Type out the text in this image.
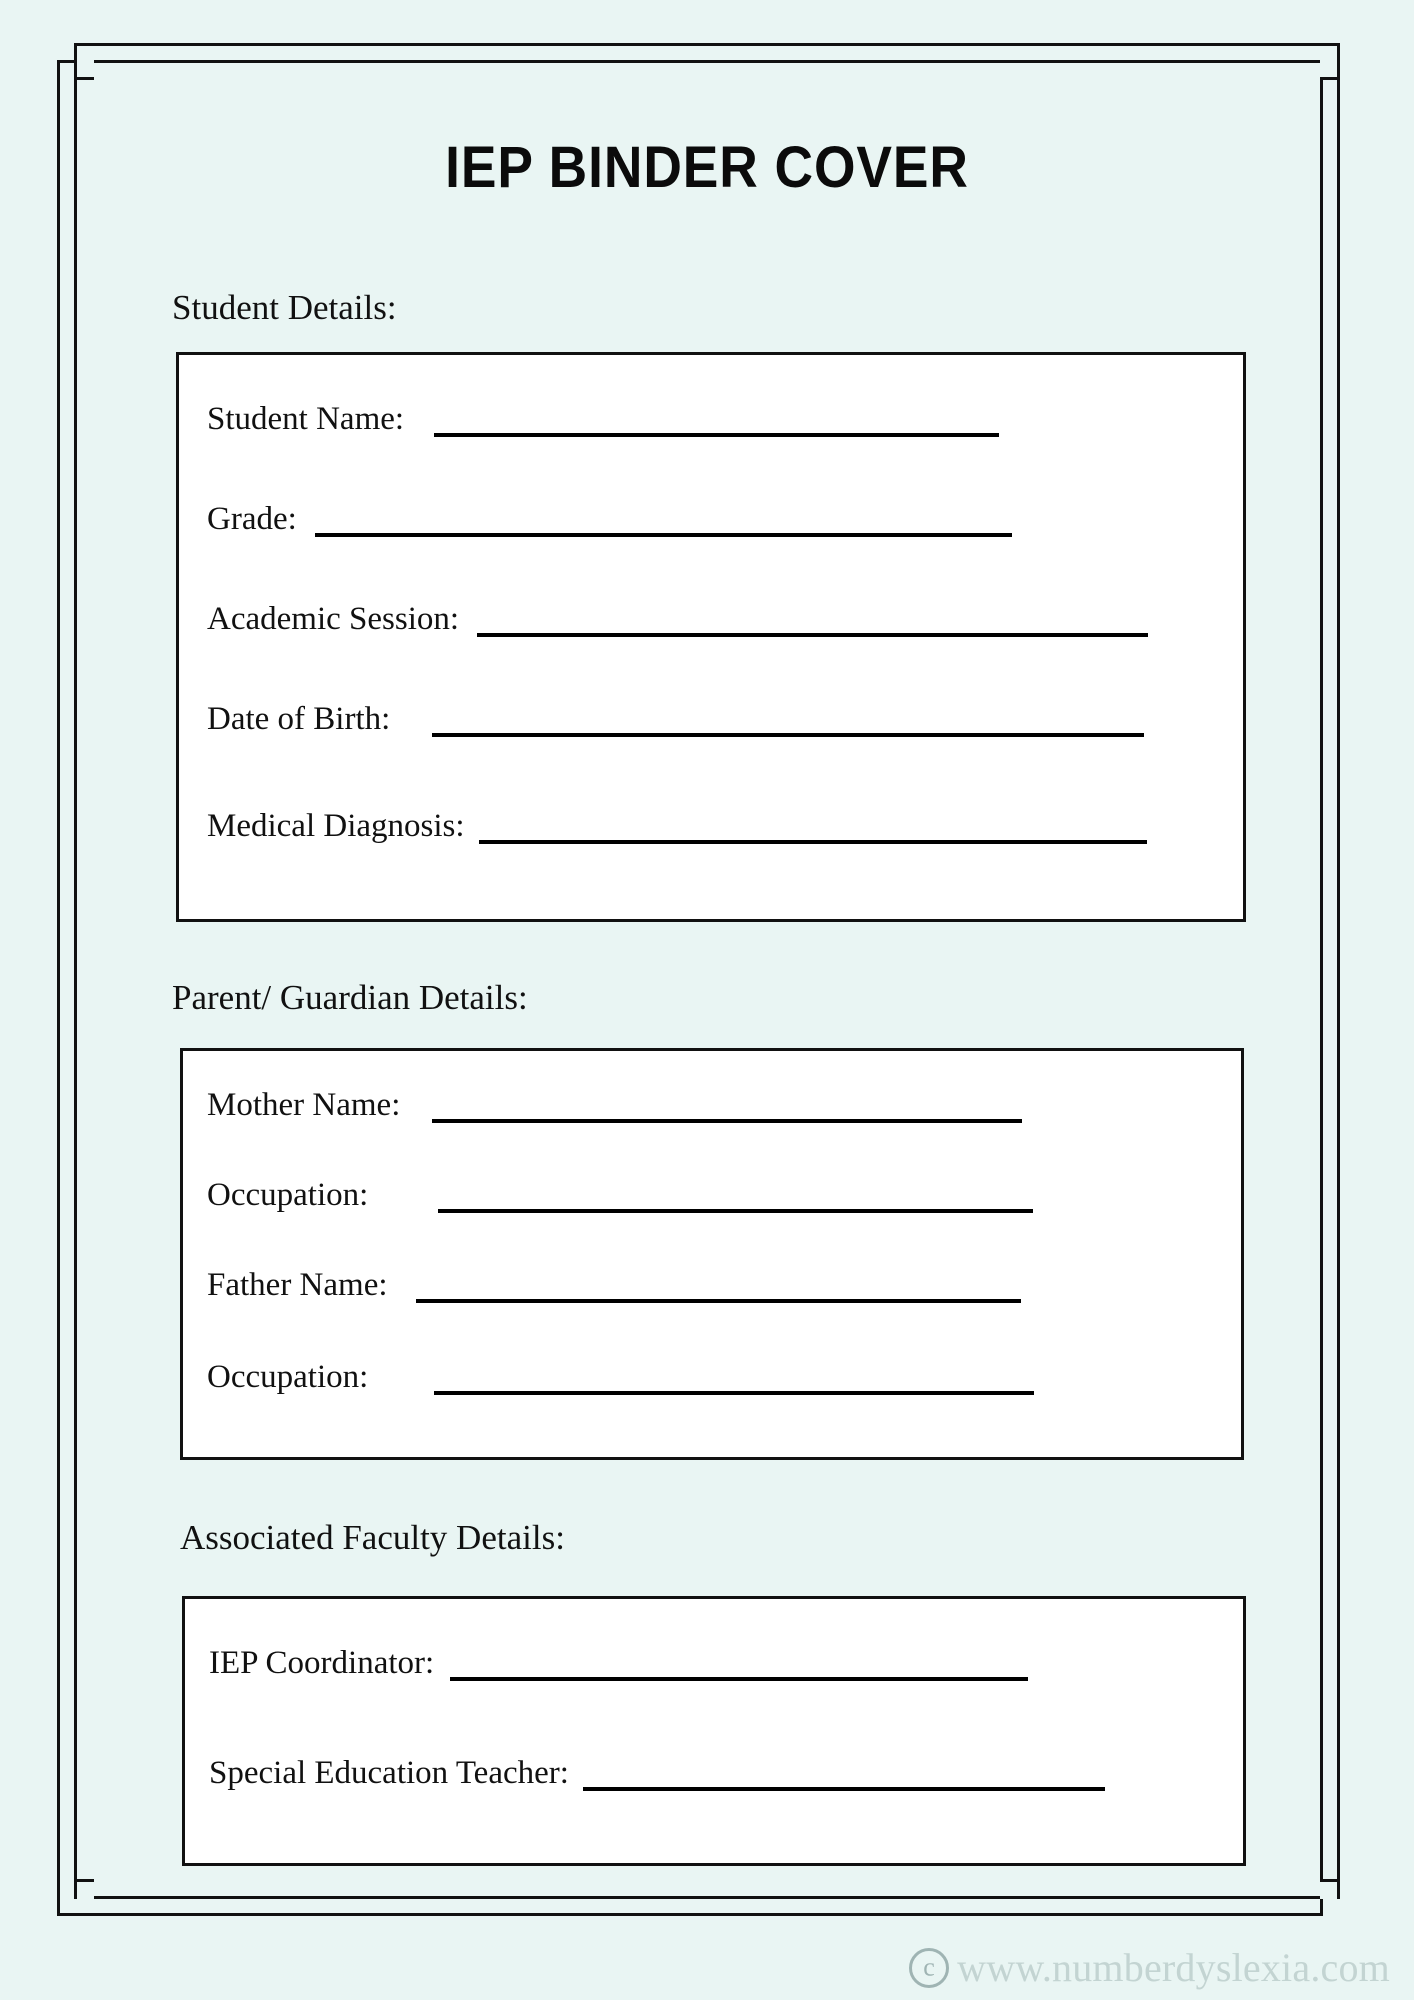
IEP BINDER COVER
Student Details:
Student Name:
Grade:
Academic Session:
Date of Birth:
Medical Diagnosis:
Parent/ Guardian Details:
Mother Name:
Occupation:
Father Name:
Occupation:
Associated Faculty Details:
IEP Coordinator:
Special Education Teacher:
c
www.numberdyslexia.com
